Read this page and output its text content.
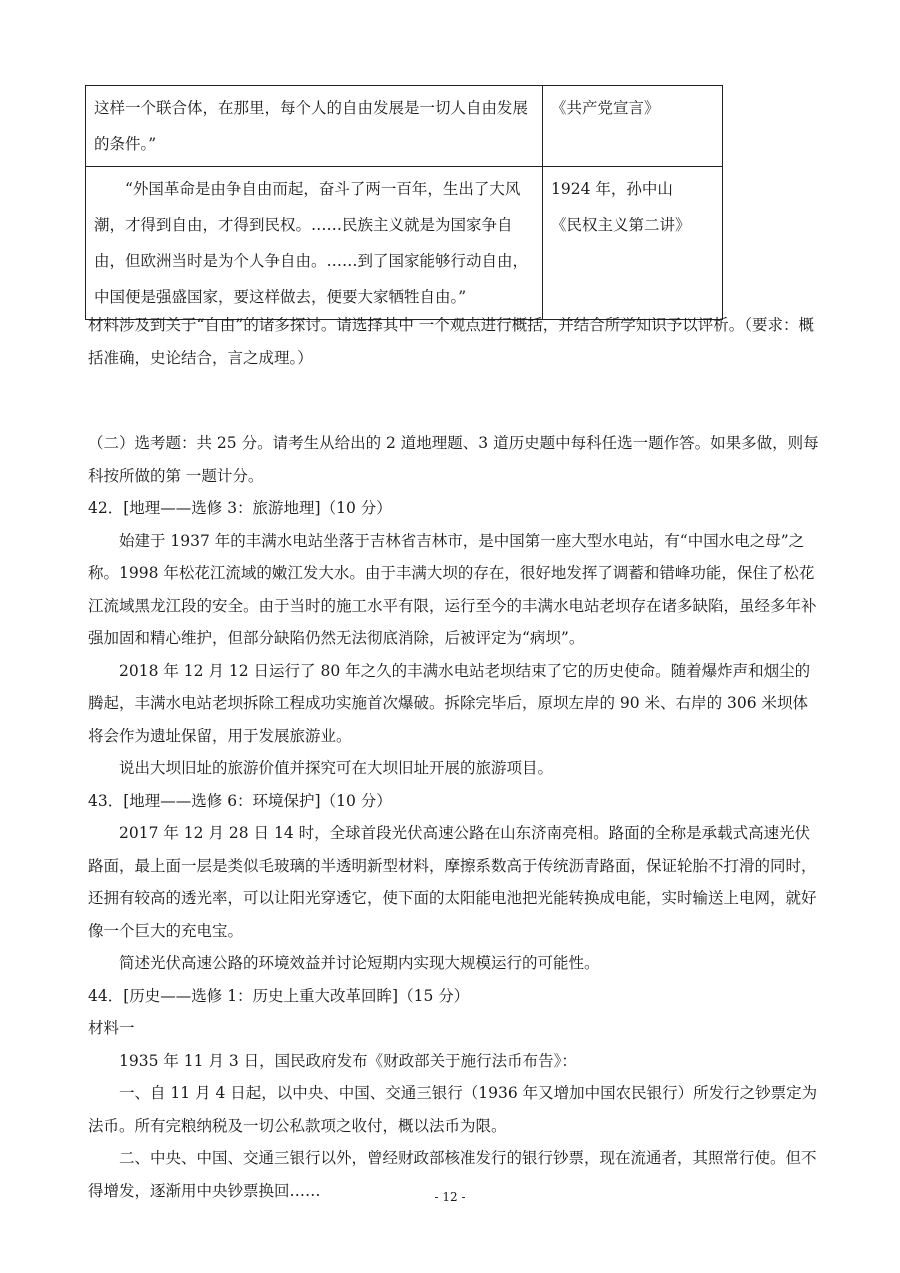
这样一个联合体，在那里，每个人的自由发展是一切人自由发展的条件。”	《共产党宣言》

“外国革命是由争自由而起，奋斗了两一百年，生出了大风潮，才得到自由，才得到民权。……民族主义就是为国家争自由，但欧洲当时是为个人争自由。……到了国家能够行动自由，中国便是强盛国家，要这样做去，便要大家牺牲自由。”	1924 年，孙中山
《民权主义第二讲》

材料涉及到关于“自由”的诸多探讨。请选择其中 一个观点进行概括，并结合所学知识予以评析。（要求：概括准确，史论结合，言之成理。）

（二）选考题：共 25 分。请考生从给出的 2 道地理题、3 道历史题中每科任选一题作答。如果多做，则每科按所做的第 一题计分。

42．[地理——选修 3：旅游地理]（10 分）

始建于 1937 年的丰满水电站坐落于吉林省吉林市，是中国第一座大型水电站，有“中国水电之母”之称。1998 年松花江流域的嫩江发大水。由于丰满大坝的存在，很好地发挥了调蓄和错峰功能，保住了松花江流域黑龙江段的安全。由于当时的施工水平有限，运行至今的丰满水电站老坝存在诸多缺陷，虽经多年补强加固和精心维护，但部分缺陷仍然无法彻底消除，后被评定为“病坝”。

2018 年 12 月 12 日运行了 80 年之久的丰满水电站老坝结束了它的历史使命。随着爆炸声和烟尘的腾起，丰满水电站老坝拆除工程成功实施首次爆破。拆除完毕后，原坝左岸的 90 米、右岸的 306 米坝体将会作为遗址保留，用于发展旅游业。

说出大坝旧址的旅游价值并探究可在大坝旧址开展的旅游项目。

43．[地理——选修 6：环境保护]（10 分）

2017 年 12 月 28 日 14 时，全球首段光伏高速公路在山东济南亮相。路面的全称是承载式高速光伏路面，最上面一层是类似毛玻璃的半透明新型材料，摩擦系数高于传统沥青路面，保证轮胎不打滑的同时，还拥有较高的透光率，可以让阳光穿透它，使下面的太阳能电池把光能转换成电能，实时输送上电网，就好像一个巨大的充电宝。

简述光伏高速公路的环境效益并讨论短期内实现大规模运行的可能性。

44．[历史——选修 1：历史上重大改革回眸]（15 分）

材料一

1935 年 11 月 3 日，国民政府发布《财政部关于施行法币布告》：

一、自 11 月 4 日起，以中央、中国、交通三银行（1936 年又增加中国农民银行）所发行之钞票定为法币。所有完粮纳税及一切公私款项之收付，概以法币为限。

二、中央、中国、交通三银行以外，曾经财政部核准发行的银行钞票，现在流通者，其照常行使。但不得增发，逐渐用中央钞票换回……	- 12 -
